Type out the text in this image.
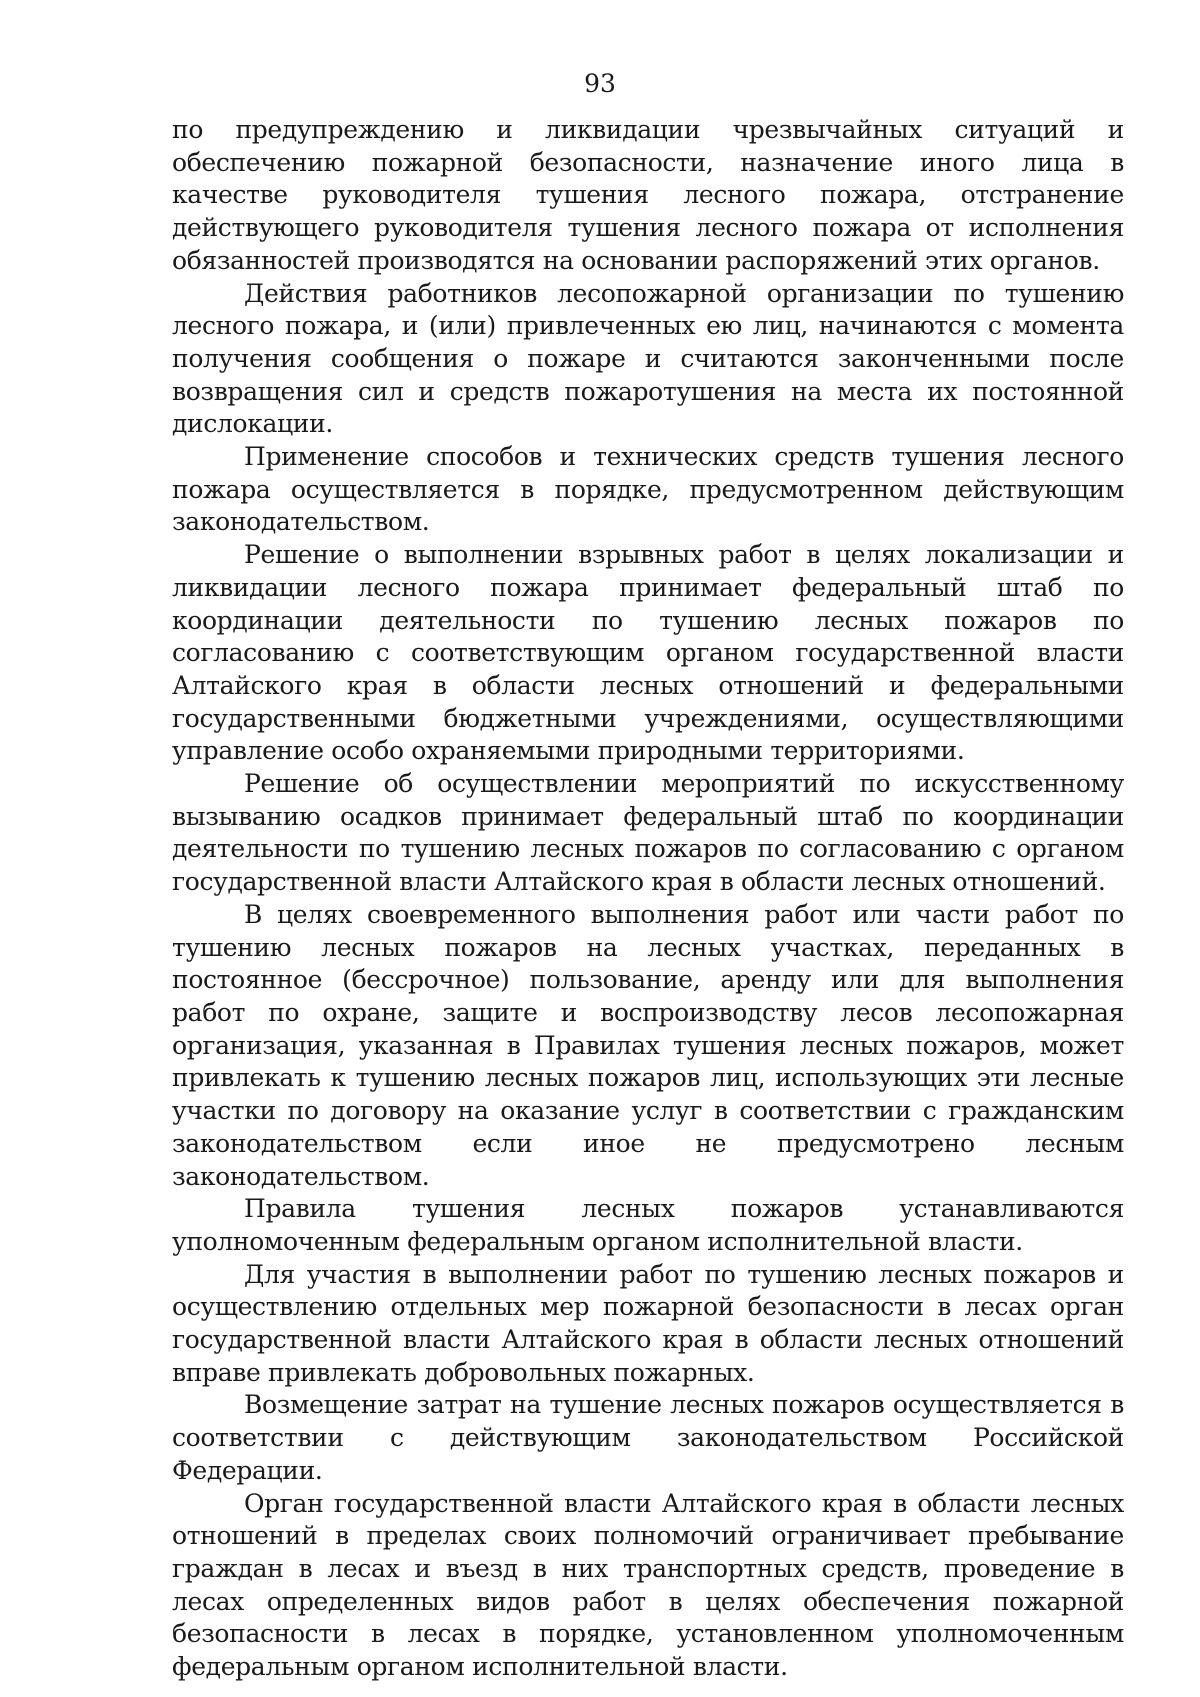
93

по предупреждению и ликвидации чрезвычайных ситуаций и обеспечению пожарной безопасности, назначение иного лица в качестве руководителя тушения лесного пожара, отстранение действующего руководителя тушения лесного пожара от исполнения обязанностей производятся на основании распоряжений этих органов.

Действия работников лесопожарной организации по тушению лесного пожара, и (или) привлеченных ею лиц, начинаются с момента получения сообщения о пожаре и считаются законченными после возвращения сил и средств пожаротушения на места их постоянной дислокации.

Применение способов и технических средств тушения лесного пожара осуществляется в порядке, предусмотренном действующим законодательством.

Решение о выполнении взрывных работ в целях локализации и ликвидации лесного пожара принимает федеральный штаб по координации деятельности по тушению лесных пожаров по согласованию с соответствующим органом государственной власти Алтайского края в области лесных отношений и федеральными государственными бюджетными учреждениями, осуществляющими управление особо охраняемыми природными территориями.

Решение об осуществлении мероприятий по искусственному вызыванию осадков принимает федеральный штаб по координации деятельности по тушению лесных пожаров по согласованию с органом государственной власти Алтайского края в области лесных отношений.

В целях своевременного выполнения работ или части работ по тушению лесных пожаров на лесных участках, переданных в постоянное (бессрочное) пользование, аренду или для выполнения работ по охране, защите и воспроизводству лесов лесопожарная организация, указанная в Правилах тушения лесных пожаров, может привлекать к тушению лесных пожаров лиц, использующих эти лесные участки по договору на оказание услуг в соответствии с гражданским законодательством если иное не предусмотрено лесным законодательством.

Правила тушения лесных пожаров устанавливаются уполномоченным федеральным органом исполнительной власти.

Для участия в выполнении работ по тушению лесных пожаров и осуществлению отдельных мер пожарной безопасности в лесах орган государственной власти Алтайского края в области лесных отношений вправе привлекать добровольных пожарных.

Возмещение затрат на тушение лесных пожаров осуществляется в соответствии с действующим законодательством Российской Федерации.

Орган государственной власти Алтайского края в области лесных отношений в пределах своих полномочий ограничивает пребывание граждан в лесах и въезд в них транспортных средств, проведение в лесах определенных видов работ в целях обеспечения пожарной безопасности в лесах в порядке, установленном уполномоченным федеральным органом исполнительной власти.
